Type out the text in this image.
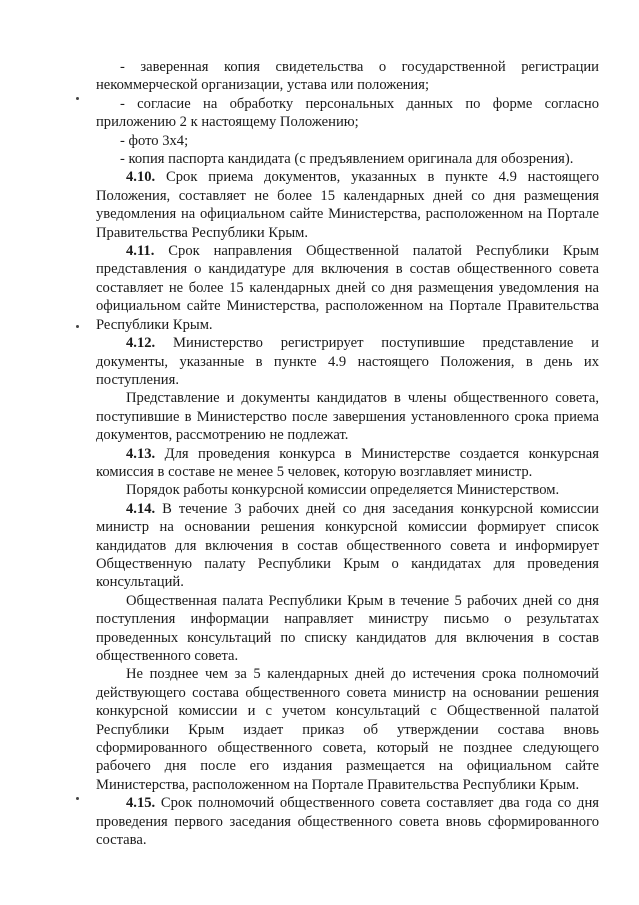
- заверенная копия свидетельства о государственной регистрации некоммерческой организации, устава или положения;

- согласие на обработку персональных данных по форме согласно приложению 2 к настоящему Положению;

- фото 3х4;

- копия паспорта кандидата (с предъявлением оригинала для обозрения).

4.10. Срок приема документов, указанных в пункте 4.9 настоящего Положения, составляет не более 15 календарных дней со дня размещения уведомления на официальном сайте Министерства, расположенном на Портале Правительства Республики Крым.

4.11. Срок направления Общественной палатой Республики Крым представления о кандидатуре для включения в состав общественного совета составляет не более 15 календарных дней со дня размещения уведомления на официальном сайте Министерства, расположенном на Портале Правительства Республики Крым.

4.12. Министерство регистрирует поступившие представление и документы, указанные в пункте 4.9 настоящего Положения, в день их поступления.

Представление и документы кандидатов в члены общественного совета, поступившие в Министерство после завершения установленного срока приема документов, рассмотрению не подлежат.

4.13. Для проведения конкурса в Министерстве создается конкурсная комиссия в составе не менее 5 человек, которую возглавляет министр.

Порядок работы конкурсной комиссии определяется Министерством.

4.14. В течение 3 рабочих дней со дня заседания конкурсной комиссии министр на основании решения конкурсной комиссии формирует список кандидатов для включения в состав общественного совета и информирует Общественную палату Республики Крым о кандидатах для проведения консультаций.

Общественная палата Республики Крым в течение 5 рабочих дней со дня поступления информации направляет министру письмо о результатах проведенных консультаций по списку кандидатов для включения в состав общественного совета.

Не позднее чем за 5 календарных дней до истечения срока полномочий действующего состава общественного совета министр на основании решения конкурсной комиссии и с учетом консультаций с Общественной палатой Республики Крым издает приказ об утверждении состава вновь сформированного общественного совета, который не позднее следующего рабочего дня после его издания размещается на официальном сайте Министерства, расположенном на Портале Правительства Республики Крым.

4.15. Срок полномочий общественного совета составляет два года со дня проведения первого заседания общественного совета вновь сформированного состава.
